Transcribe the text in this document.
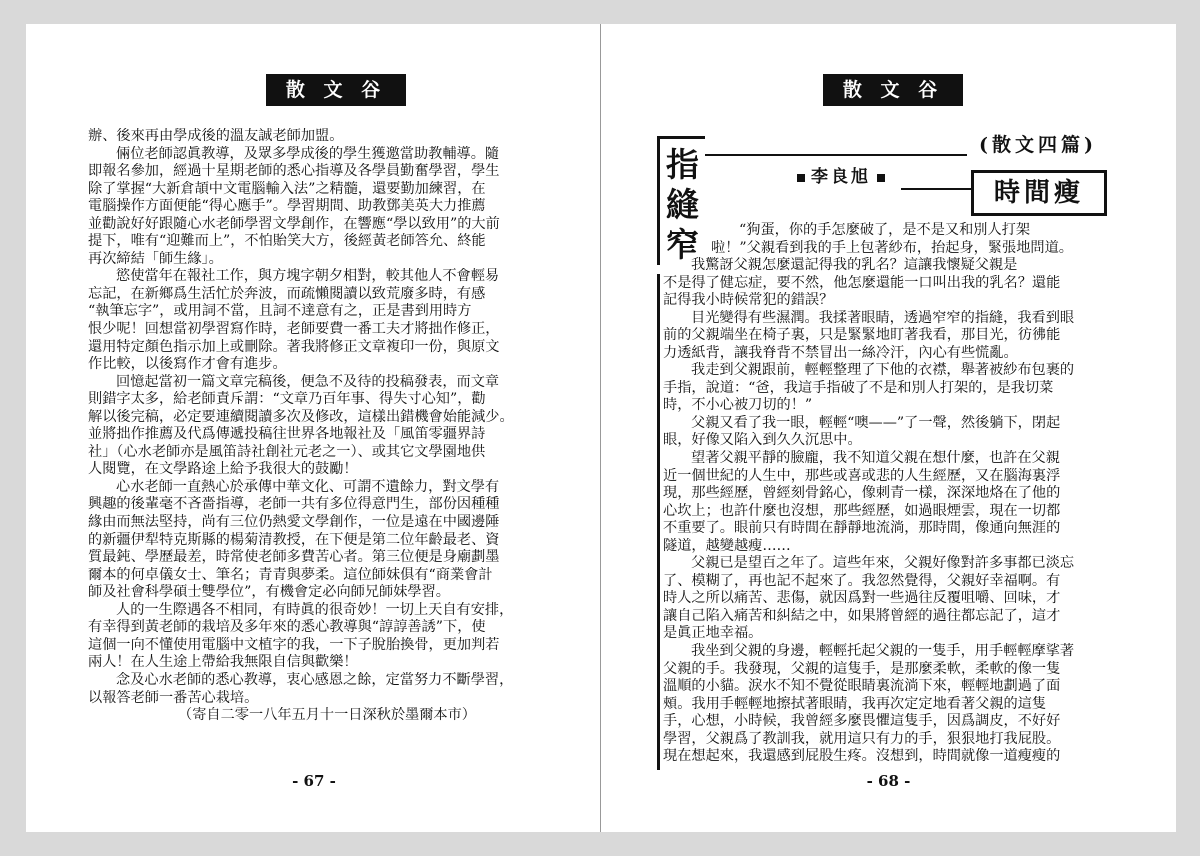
散 文 谷

辦、後來再由學成後的溫友誠老師加盟。

倆位老師認眞教導，及眾多學成後的學生獲邀當助教輔導。隨

即報名參加，經過十星期老師的悉心指導及各學員勤奮學習，學生

除了掌握“大新倉頡中文電腦輸入法”之精髓，還要勤加練習，在

電腦操作方面便能“得心應手”。學習期間、助教鄧美英大力推薦

並勸說好好跟隨心水老師學習文學創作，在響應“學以致用”的大前

提下，唯有“迎難而上”，不怕貽笑大方，後經黃老師答允、終能

再次締結「師生緣」。

慾使當年在報社工作，與方塊字朝夕相對，較其他人不會輕易

忘記，在新鄉爲生活忙於奔波，而疏懶閱讀以致荒廢多時，有感

“執筆忘字”，或用詞不當，且詞不達意有之，正是書到用時方

恨少呢！回想當初學習寫作時，老師要費一番工夫才將拙作修正，

還用特定顏色指示加上或刪除。著我將修正文章複印一份，與原文

作比較，以後寫作才會有進步。

回憶起當初一篇文章完稿後，便急不及待的投稿發表，而文章

則錯字太多，給老師責斥謂：“文章乃百年事、得失寸心知”，勸

解以後完稿，必定要連續閱讀多次及修改，這樣出錯機會始能減少。

並將拙作推薦及代爲傳遞投稿往世界各地報社及「風笛零疆界詩

社」（心水老師亦是風笛詩社創社元老之一）、或其它文學園地供

人閱覽，在文學路途上給予我很大的鼓勵！

心水老師一直熱心於承傳中華文化、可謂不遺餘力，對文學有

興趣的後輩毫不吝嗇指導，老師一共有多位得意門生，部份因種種

緣由而無法堅持，尚有三位仍熱愛文學創作，一位是遠在中國邊陲

的新疆伊犁特克斯縣的楊菊清教授，在下便是第二位年齡最老、資

質最鈍、學歷最差，時常使老師多費苦心者。第三位便是身廟劃墨

爾本的何卓儀女士、筆名；青青與夢柔。這位師妹俱有“商業會計

師及社會科學碩士雙學位”，有機會定必向師兄師妹學習。

人的一生際遇各不相同，有時眞的很奇妙！一切上天自有安排，

有幸得到黃老師的栽培及多年來的悉心教導與“諄諄善誘”下，使

這個一向不懂使用電腦中文植字的我，一下子脫胎換骨，更加判若

兩人！在人生途上帶給我無限自信與歡樂！

念及心水老師的悉心教導，衷心感恩之餘，定當努力不斷學習，

以報答老師一番苦心栽培。

（寄自二零一八年五月十一日深秋於墨爾本市）

- 67 -
散 文 谷
指
縫
窄
(散文四篇)
李良旭
時間瘦

“狗蛋，你的手怎麼破了，是不是又和別人打架

啦！”父親看到我的手上包著紗布，抬起身，緊張地問道。

我驚訝父親怎麼還記得我的乳名？這讓我懷疑父親是

不是得了健忘症，要不然，他怎麼還能一口叫出我的乳名？還能

記得我小時候常犯的錯誤？

目光變得有些濕潤。我揉著眼睛，透過窄窄的指縫，我看到眼

前的父親端坐在椅子裏，只是緊緊地盯著我看，那目光，彷彿能

力透紙背，讓我脊背不禁冒出一絲冷汗，內心有些慌亂。

我走到父親跟前，輕輕整理了下他的衣襟，舉著被紗布包裹的

手指，說道：“爸，我這手指破了不是和別人打架的，是我切菜

時，不小心被刀切的！”

父親又看了我一眼，輕輕“噢——”了一聲，然後躺下，閉起

眼，好像又陷入到久久沉思中。

望著父親平靜的臉龐，我不知道父親在想什麼，也許在父親

近一個世紀的人生中，那些或喜或悲的人生經歷，又在腦海裏浮

現，那些經歷，曾經刻骨銘心，像刺青一樣，深深地烙在了他的

心坎上；也許什麼也沒想，那些經歷，如過眼煙雲，現在一切都

不重要了。眼前只有時間在靜靜地流淌，那時間，像通向無涯的

隧道，越變越瘦……

父親已是望百之年了。這些年來，父親好像對許多事都已淡忘

了、模糊了，再也記不起來了。我忽然覺得，父親好幸福啊。有

時人之所以痛苦、悲傷，就因爲對一些過往反覆咀嚼、回味，才

讓自己陷入痛苦和糾結之中，如果將曾經的過往都忘記了，這才

是眞正地幸福。

我坐到父親的身邊，輕輕托起父親的一隻手，用手輕輕摩挲著

父親的手。我發現，父親的這隻手，是那麼柔軟，柔軟的像一隻

溫順的小貓。淚水不知不覺從眼睛裏流淌下來，輕輕地劃過了面

頰。我用手輕輕地擦拭著眼睛，我再次定定地看著父親的這隻

手，心想，小時候，我曾經多麼畏懼這隻手，因爲調皮，不好好

學習，父親爲了教訓我，就用這只有力的手，狠狠地打我屁股。

現在想起來，我還感到屁股生疼。沒想到，時間就像一道瘦瘦的

- 68 -
